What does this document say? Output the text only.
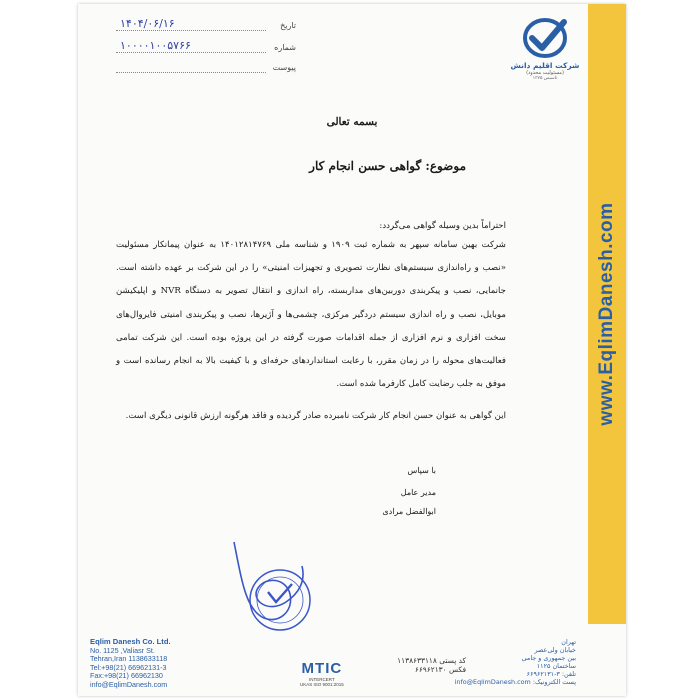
www.EqlimDanesh.com
شرکت اقلیم دانش
(مسئولیت محدود)
تاسیس ۱۳۷۵
تاریخ
۱۴۰۴/۰۶/۱۶
شماره
۱۰۰۰۰۱۰۰۵۷۶۶
پیوست
بسمه تعالی
موضوع: گواهی حسن انجام کار
احتراماً بدین وسیله گواهی می‌گردد:
شرکت بهین سامانه سپهر به شماره ثبت ۱۹۰۹ و شناسه ملی ۱۴۰۱۲۸۱۴۷۶۹ به عنوان پیمانکار مسئولیت «نصب و راه‌اندازی سیستم‌های نظارت تصویری و تجهیزات امنیتی» را در این شرکت بر عهده داشته است. جانمایی، نصب و پیکربندی دوربین‌های مداربسته، راه اندازی و انتقال تصویر به دستگاه NVR و اپلیکیشن موبایل، نصب و راه اندازی سیستم درد‌گیر مرکزی، چشمی‌ها و آژیرها، نصب و پیکربندی امنیتی فایروال‌های سخت افزاری و نرم افزاری از جمله اقدامات صورت گرفته در این پروژه بوده است. این شرکت تمامی فعالیت‌های محوله را در زمان مقرر، با رعایت استانداردهای حرفه‌ای و با کیفیت بالا به انجام رسانده است و موفق به جلب رضایت کامل کارفرما شده است.
این گواهی به عنوان حسن انجام کار شرکت نامبرده صادر گردیده و فاقد هرگونه ارزش قانونی دیگری است.
با سپاس
مدیر عامل
ابوالفضل مرادی
Eqlim Danesh Co. Ltd.
No. 1125 ,Valiasr St.
Tehran,Iran 1138633118
Tel:+98(21) 66962131-3
Fax:+98(21) 66962130
info@EqlimDanesh.com
MTIC
INTERCERT
UKAS ISO 9001:2015
کد پستی ۱۱۳۸۶۳۳۱۱۸
فکس ۶۶۹۶۲۱۳۰
تهران
خیابان ولی‌عصر
بین جمهوری و جامی
ساختمان ۱۱۲۵
تلفن: ۳-۶۶۹۶۲۱۳۱
پست الکترونیک: info@EqlimDanesh.com
